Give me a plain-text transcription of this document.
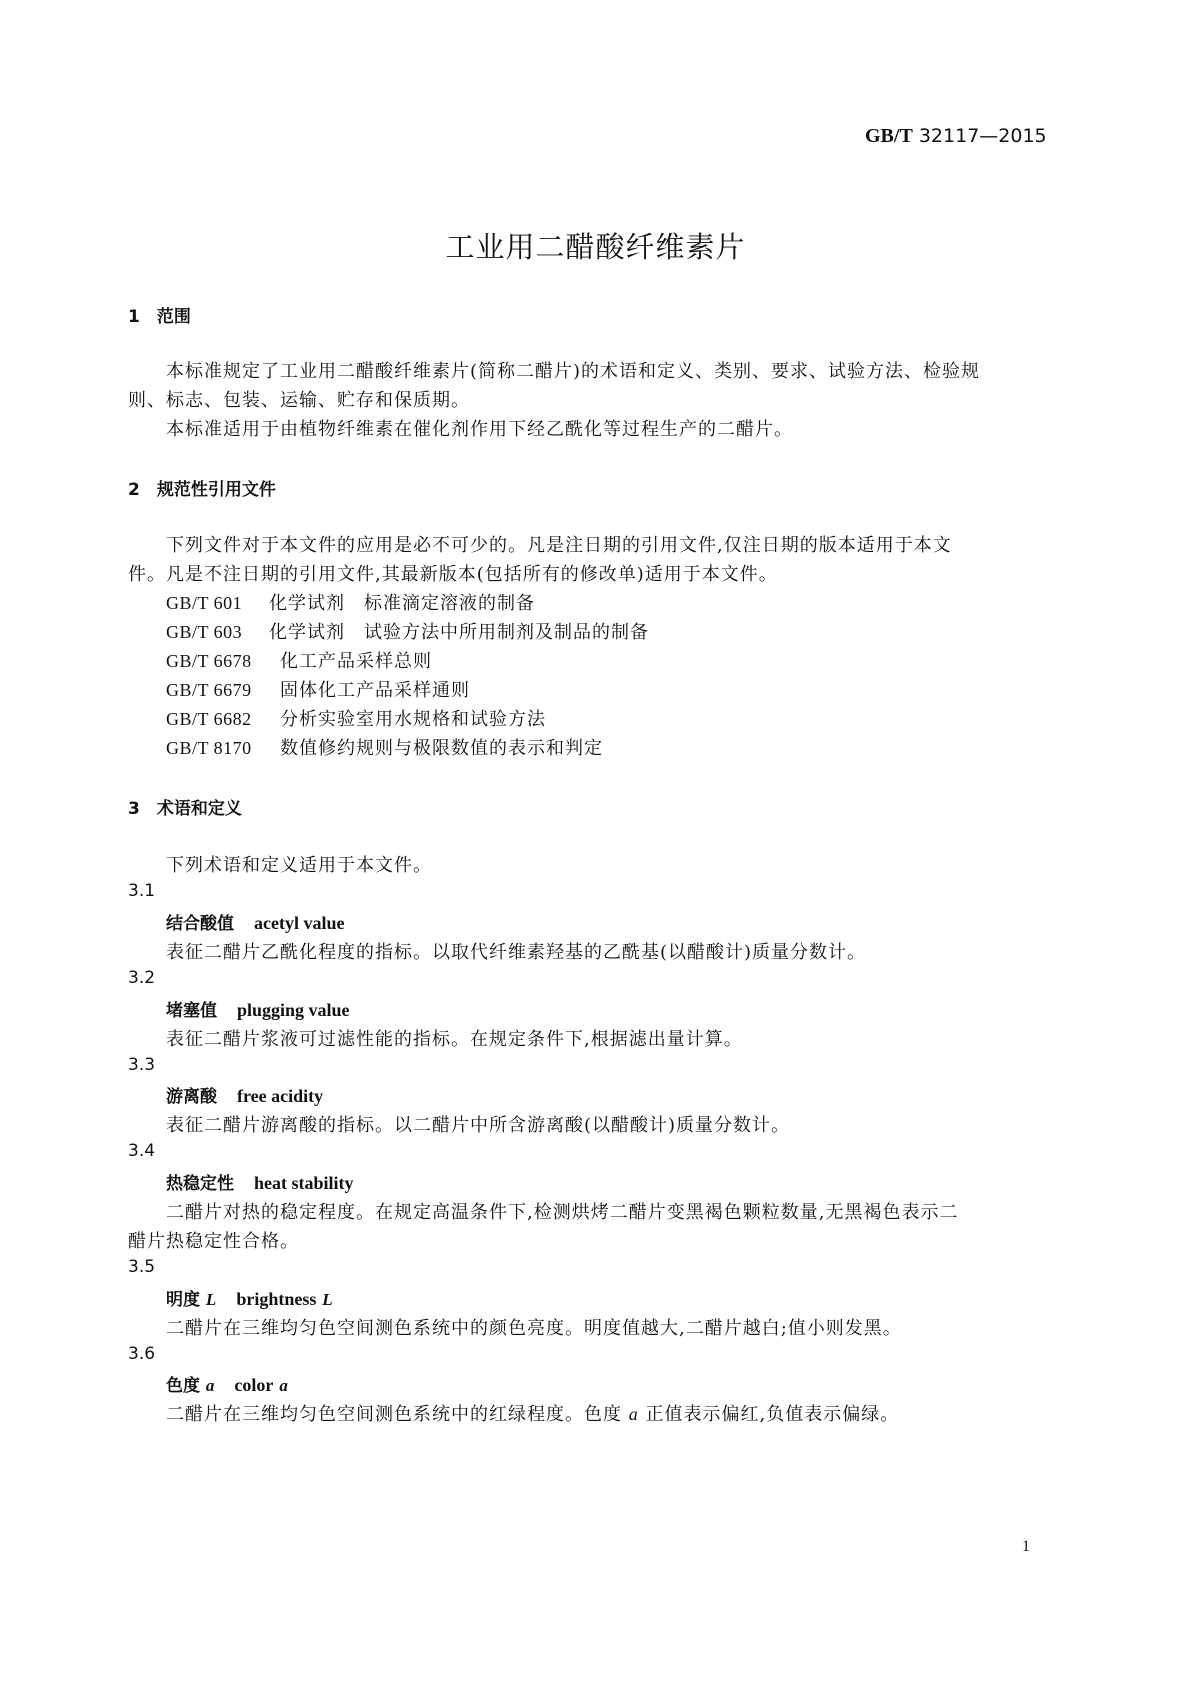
GB/T 32117—2015
工业用二醋酸纤维素片
1　范围
本标准规定了工业用二醋酸纤维素片(简称二醋片)的术语和定义、类别、要求、试验方法、检验规
则、标志、包装、运输、贮存和保质期。
本标准适用于由植物纤维素在催化剂作用下经乙酰化等过程生产的二醋片。
2　规范性引用文件
下列文件对于本文件的应用是必不可少的。凡是注日期的引用文件,仅注日期的版本适用于本文
件。凡是不注日期的引用文件,其最新版本(包括所有的修改单)适用于本文件。
GB/T 601 化学试剂　标准滴定溶液的制备
GB/T 603 化学试剂　试验方法中所用制剂及制品的制备
GB/T 6678 化工产品采样总则
GB/T 6679 固体化工产品采样通则
GB/T 6682 分析实验室用水规格和试验方法
GB/T 8170 数值修约规则与极限数值的表示和判定
3　术语和定义
下列术语和定义适用于本文件。
3.1
结合酸值 acetyl value
表征二醋片乙酰化程度的指标。以取代纤维素羟基的乙酰基(以醋酸计)质量分数计。
3.2
堵塞值 plugging value
表征二醋片浆液可过滤性能的指标。在规定条件下,根据滤出量计算。
3.3
游离酸 free acidity
表征二醋片游离酸的指标。以二醋片中所含游离酸(以醋酸计)质量分数计。
3.4
热稳定性 heat stability
二醋片对热的稳定程度。在规定高温条件下,检测烘烤二醋片变黑褐色颗粒数量,无黑褐色表示二
醋片热稳定性合格。
3.5
明度 L brightness L
二醋片在三维均匀色空间测色系统中的颜色亮度。明度值越大,二醋片越白;值小则发黑。
3.6
色度 a color a
二醋片在三维均匀色空间测色系统中的红绿程度。色度 a 正值表示偏红,负值表示偏绿。
1
